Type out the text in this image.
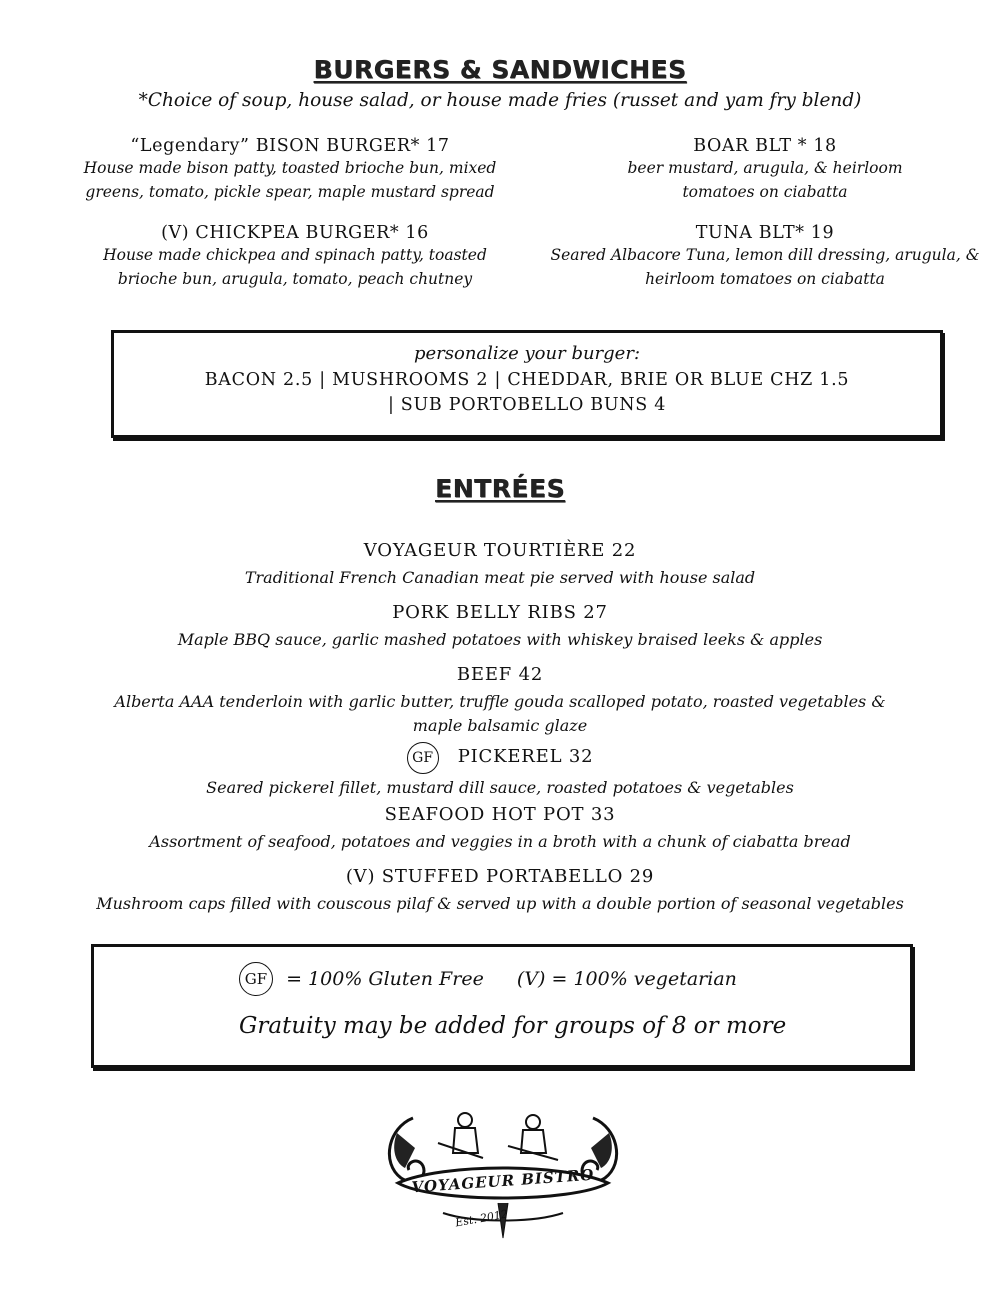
BURGERS & SANDWICHES
*Choice of soup, house salad, or house made fries (russet and yam fry blend)
“Legendary” BISON BURGER* 17
House made bison patty, toasted brioche bun, mixed greens, tomato, pickle spear, maple mustard spread
BOAR BLT * 18
beer mustard, arugula, & heirloom tomatoes on ciabatta
(V) CHICKPEA BURGER* 16
House made chickpea and spinach patty, toasted brioche bun, arugula, tomato, peach chutney
TUNA BLT* 19
Seared Albacore Tuna, lemon dill dressing, arugula, & heirloom tomatoes on ciabatta
personalize your burger:
BACON 2.5 | MUSHROOMS 2 | CHEDDAR, BRIE OR BLUE CHZ 1.5
| SUB PORTOBELLO BUNS 4
ENTRÉES
VOYAGEUR TOURTIÈRE 22
Traditional French Canadian meat pie served with house salad
PORK BELLY RIBS 27
Maple BBQ sauce, garlic mashed potatoes with whiskey braised leeks & apples
BEEF 42
Alberta AAA tenderloin with garlic butter, truffle gouda scalloped potato, roasted vegetables & maple balsamic glaze
GF PICKEREL 32
Seared pickerel fillet, mustard dill sauce, roasted potatoes & vegetables
SEAFOOD HOT POT 33
Assortment of seafood, potatoes and veggies in a broth with a chunk of ciabatta bread
(V) STUFFED PORTABELLO 29
Mushroom caps filled with couscous pilaf & served up with a double portion of seasonal vegetables
GF = 100% Gluten Free (V) = 100% vegetarian
Gratuity may be added for groups of 8 or more
VOYAGEUR BISTRO
Est. 2012
